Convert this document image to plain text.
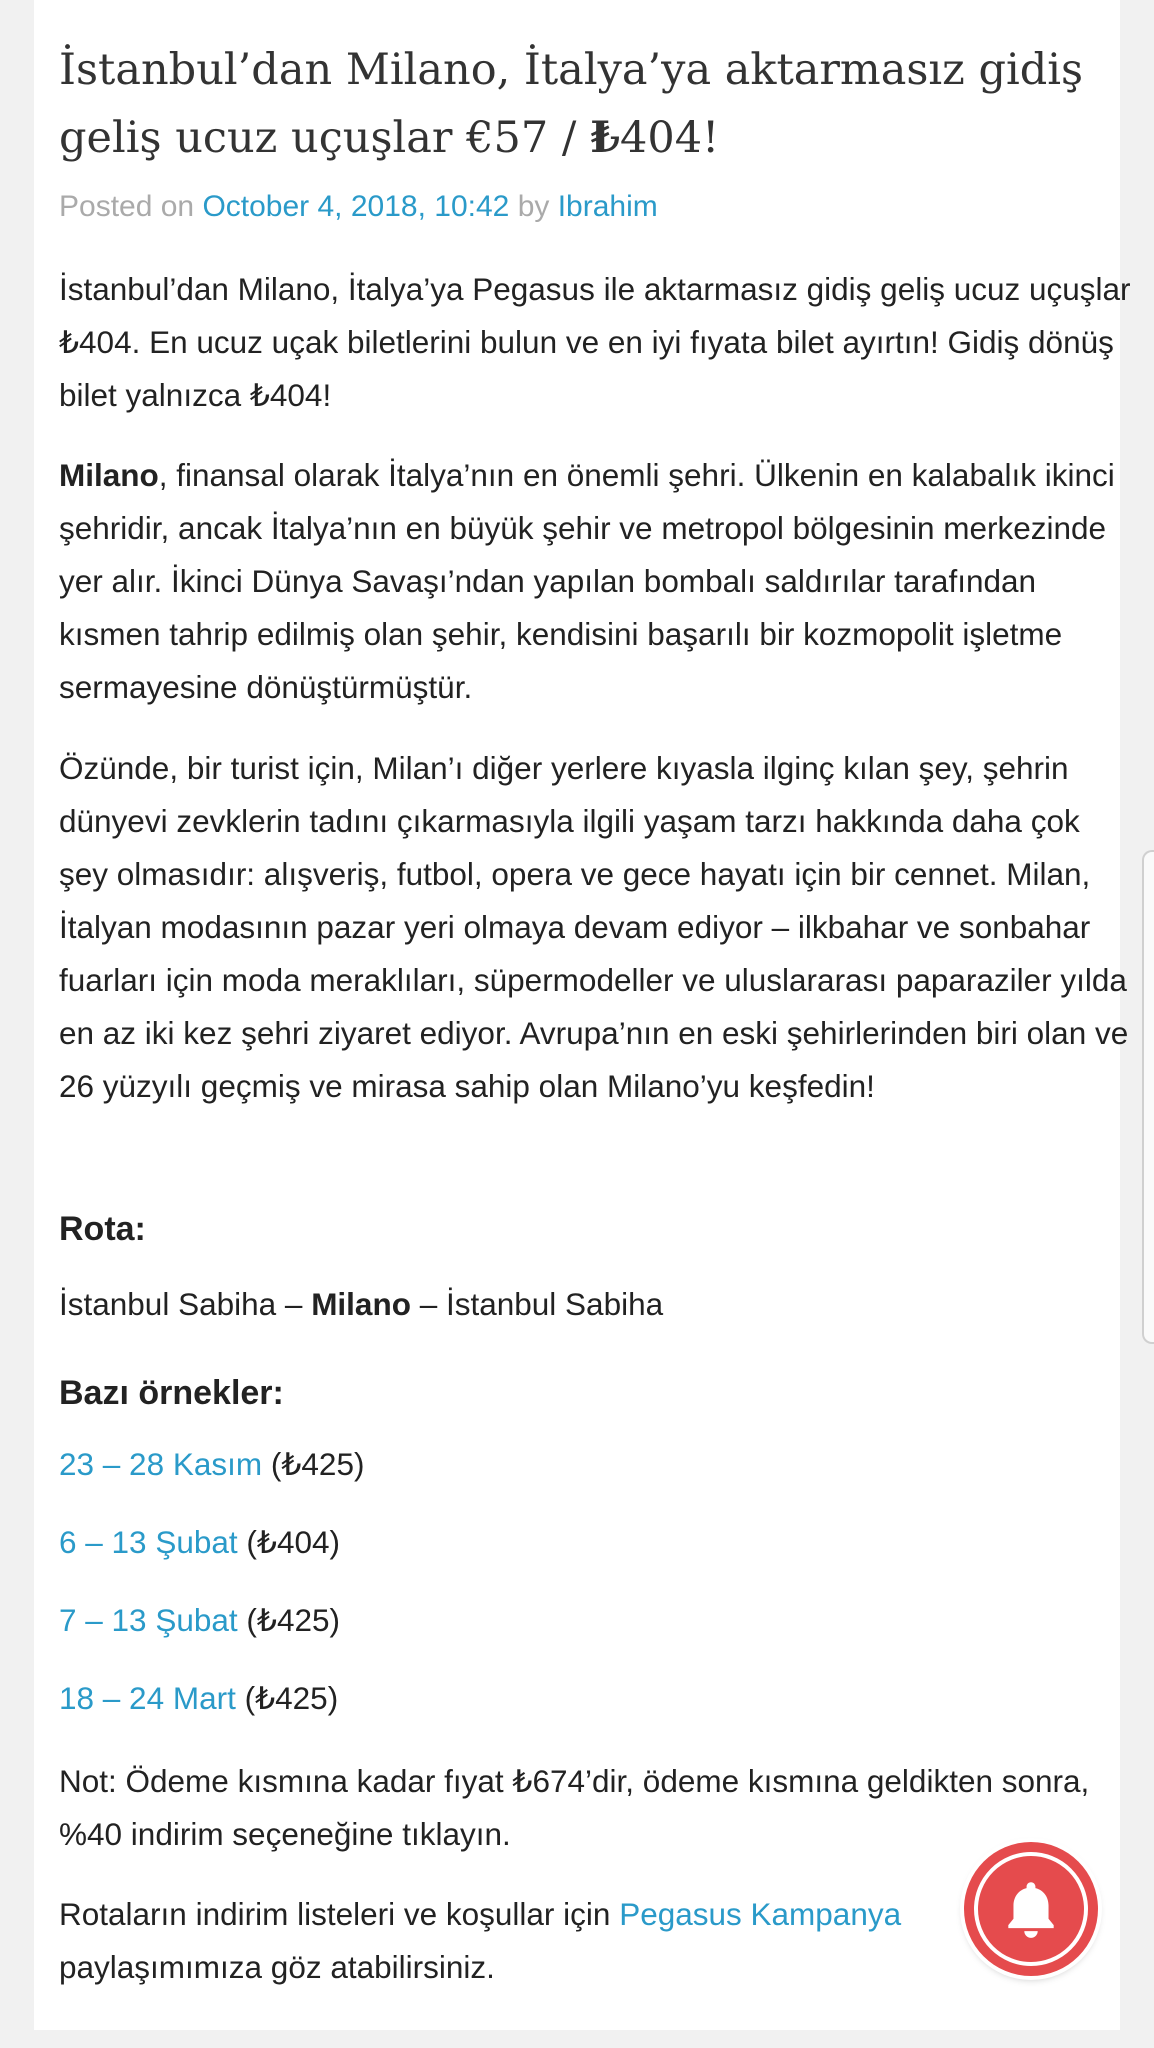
İstanbul’dan Milano, İtalya’ya aktarmasız gidiş geliş ucuz uçuşlar €57 / ₺404!
Posted on October 4, 2018, 10:42 by Ibrahim

İstanbul’dan Milano, İtalya’ya Pegasus ile aktarmasız gidiş geliş ucuz uçuşlar ₺404. En ucuz uçak biletlerini bulun ve en iyi fıyata bilet ayırtın! Gidiş dönüş bilet yalnızca ₺404!

Milano, finansal olarak İtalya’nın en önemli şehri. Ülkenin en kalabalık ikinci şehridir, ancak İtalya’nın en büyük şehir ve metropol bölgesinin merkezinde yer alır. İkinci Dünya Savaşı’ndan yapılan bombalı saldırılar tarafından kısmen tahrip edilmiş olan şehir, kendisini başarılı bir kozmopolit işletme sermayesine dönüştürmüştür.

Özünde, bir turist için, Milan’ı diğer yerlere kıyasla ilginç kılan şey, şehrin dünyevi zevklerin tadını çıkarmasıyla ilgili yaşam tarzı hakkında daha çok şey olmasıdır: alışveriş, futbol, opera ve gece hayatı için bir cennet. Milan, İtalyan modasının pazar yeri olmaya devam ediyor – ilkbahar ve sonbahar fuarları için moda meraklıları, süpermodeller ve uluslararası paparaziler yılda en az iki kez şehri ziyaret ediyor. Avrupa’nın en eski şehirlerinden biri olan ve 26 yüzyılı geçmiş ve mirasa sahip olan Milano’yu keşfedin!

Rota:

İstanbul Sabiha – Milano – İstanbul Sabiha

Bazı örnekler:
23 – 28 Kasım (₺425)
6 – 13 Şubat (₺404)
7 – 13 Şubat (₺425)
18 – 24 Mart (₺425)

Not: Ödeme kısmına kadar fıyat ₺674’dir, ödeme kısmına geldikten sonra, %40 indirim seçeneğine tıklayın.

Rotaların indirim listeleri ve koşullar için Pegasus Kampanya paylaşımımıza göz atabilirsiniz.
